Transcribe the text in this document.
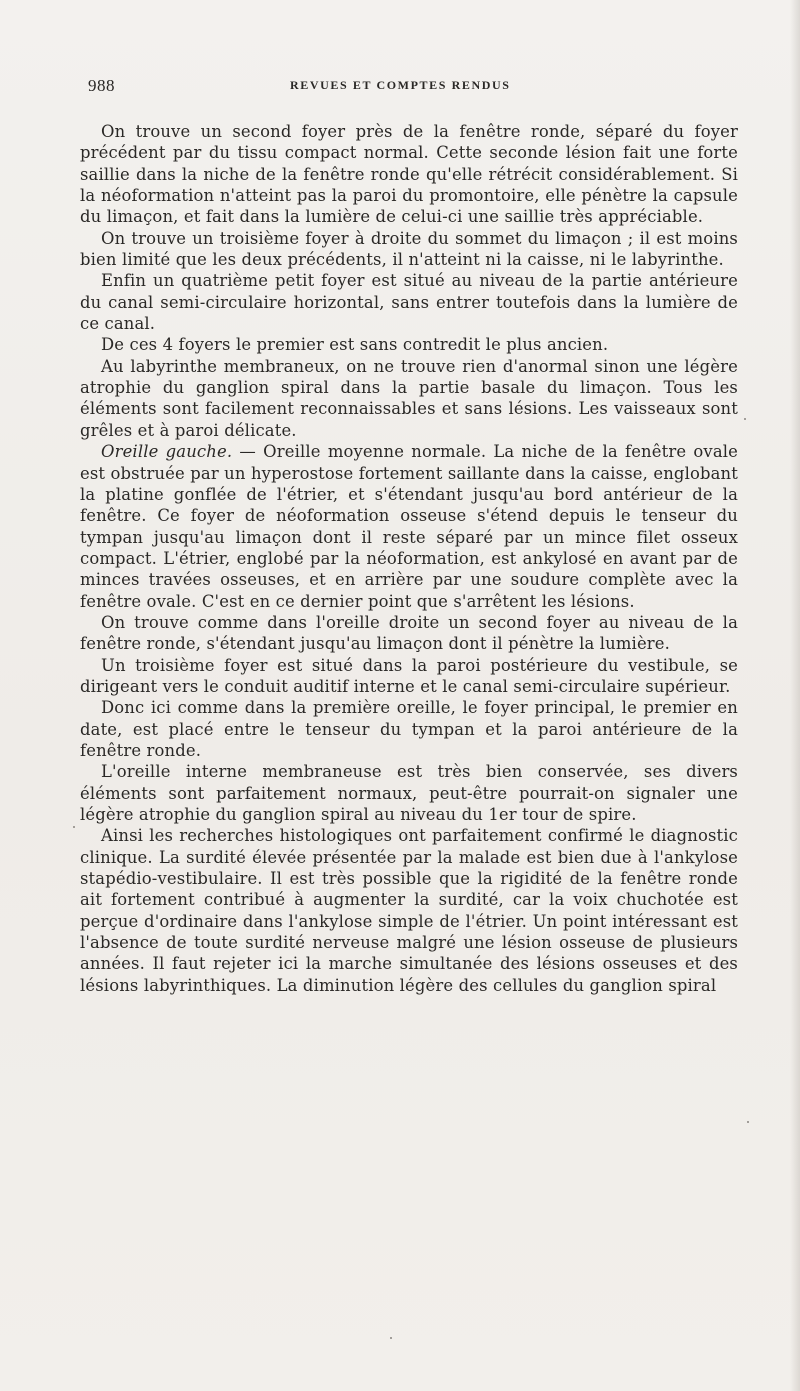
988	REVUES ET COMPTES RENDUS

On trouve un second foyer près de la fenêtre ronde, séparé du foyer précédent par du tissu compact normal. Cette seconde lésion fait une forte saillie dans la niche de la fenêtre ronde qu'elle rétrécit considérablement. Si la néoformation n'atteint pas la paroi du promontoire, elle pénètre la capsule du limaçon, et fait dans la lumière de celui-ci une saillie très appréciable.

On trouve un troisième foyer à droite du sommet du limaçon ; il est moins bien limité que les deux précédents, il n'atteint ni la caisse, ni le labyrinthe.

Enfin un quatrième petit foyer est situé au niveau de la partie antérieure du canal semi-circulaire horizontal, sans entrer toutefois dans la lumière de ce canal.

De ces 4 foyers le premier est sans contredit le plus ancien.

Au labyrinthe membraneux, on ne trouve rien d'anormal sinon une légère atrophie du ganglion spiral dans la partie basale du limaçon. Tous les éléments sont facilement reconnaissables et sans lésions. Les vaisseaux sont grêles et à paroi délicate.

Oreille gauche. — Oreille moyenne normale. La niche de la fenêtre ovale est obstruée par un hyperostose fortement saillante dans la caisse, englobant la platine gonflée de l'étrier, et s'étendant jusqu'au bord antérieur de la fenêtre. Ce foyer de néoformation osseuse s'étend depuis le tenseur du tympan jusqu'au limaçon dont il reste séparé par un mince filet osseux compact. L'étrier, englobé par la néoformation, est ankylosé en avant par de minces travées osseuses, et en arrière par une soudure complète avec la fenêtre ovale. C'est en ce dernier point que s'arrêtent les lésions.

On trouve comme dans l'oreille droite un second foyer au niveau de la fenêtre ronde, s'étendant jusqu'au limaçon dont il pénètre la lumière.

Un troisième foyer est situé dans la paroi postérieure du vestibule, se dirigeant vers le conduit auditif interne et le canal semi-circulaire supérieur.

Donc ici comme dans la première oreille, le foyer principal, le premier en date, est placé entre le tenseur du tympan et la paroi antérieure de la fenêtre ronde.

L'oreille interne membraneuse est très bien conservée, ses divers éléments sont parfaitement normaux, peut-être pourrait-on signaler une légère atrophie du ganglion spiral au niveau du 1er tour de spire.

Ainsi les recherches histologiques ont parfaitement confirmé le diagnostic clinique. La surdité élevée présentée par la malade est bien due à l'ankylose stapédio-vestibulaire. Il est très possible que la rigidité de la fenêtre ronde ait fortement contribué à augmenter la surdité, car la voix chuchotée est perçue d'ordinaire dans l'ankylose simple de l'étrier. Un point intéressant est l'absence de toute surdité nerveuse malgré une lésion osseuse de plusieurs années. Il faut rejeter ici la marche simultanée des lésions osseuses et des lésions labyrinthiques. La diminution légère des cellules du ganglion spiral
